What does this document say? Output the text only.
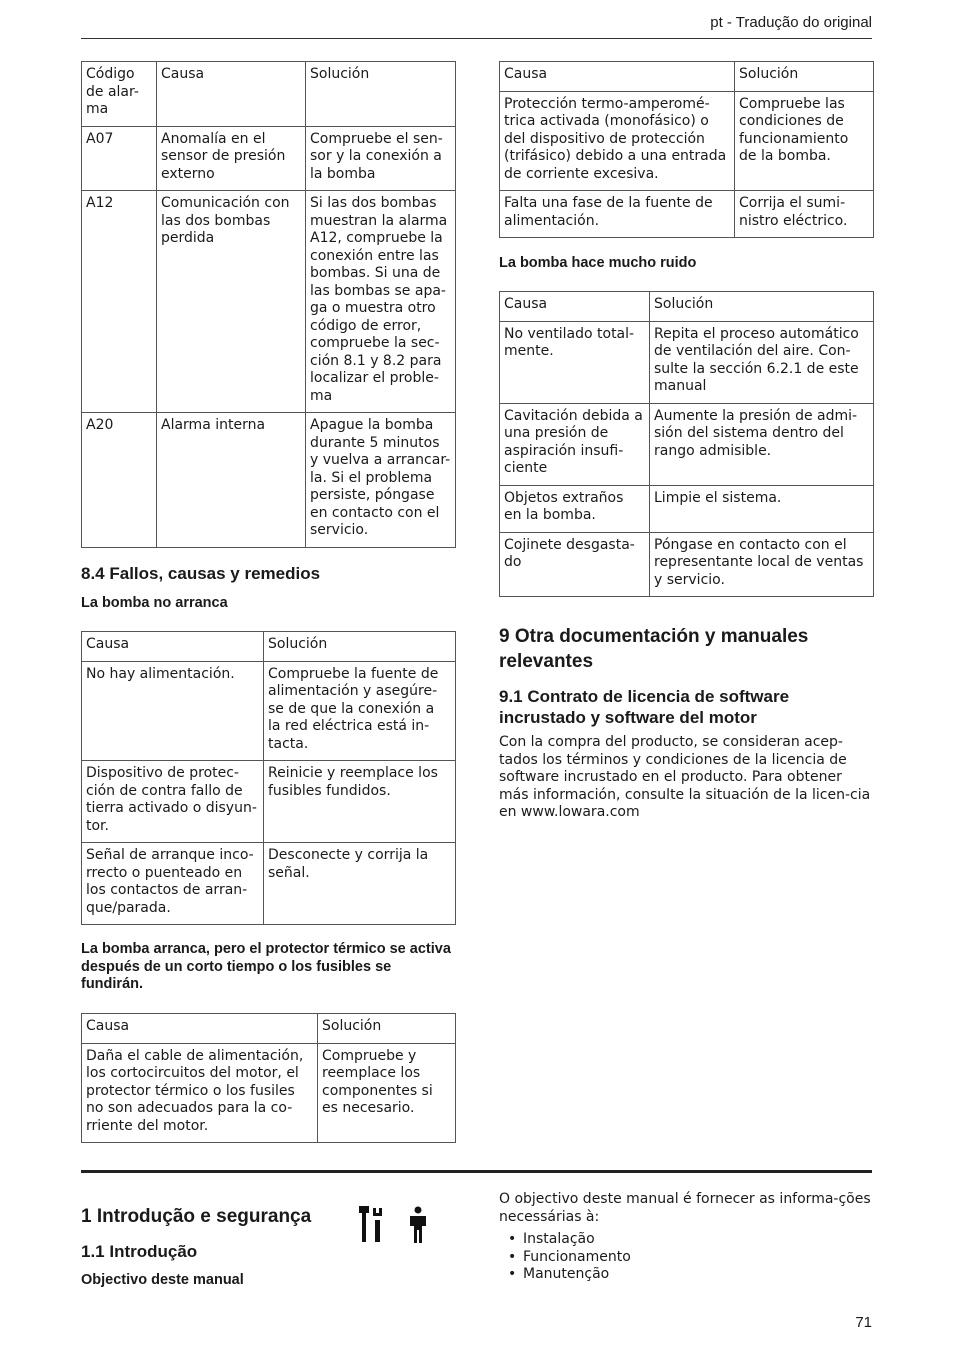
pt - Tradução do original
Código de alar-ma	Causa	Solución
A07	Anomalía en el sensor de presión externo	Compruebe el sen-sor y la conexión a la bomba
A12	Comunicación con las dos bombas perdida	Si las dos bombas muestran la alarma A12, compruebe la conexión entre las bombas. Si una de las bombas se apa-ga o muestra otro código de error, compruebe la sec-ción 8.1 y 8.2 para localizar el proble-ma
A20	Alarma interna	Apague la bomba durante 5 minutos y vuelva a arrancar-la. Si el problema persiste, póngase en contacto con el servicio.
8.4 Fallos, causas y remedios
La bomba no arranca
Causa	Solución
No hay alimentación.	Compruebe la fuente de alimentación y asegúre-se de que la conexión a la red eléctrica está in-tacta.
Dispositivo de protec-ción de contra fallo de tierra activado o disyun-tor.	Reinicie y reemplace los fusibles fundidos.
Señal de arranque inco-rrecto o puenteado en los contactos de arran-que/parada.	Desconecte y corrija la señal.
La bomba arranca, pero el protector térmico se activa después de un corto tiempo o los fusibles se fundirán.
Causa	Solución
Daña el cable de alimentación, los cortocircuitos del motor, el protector térmico o los fusiles no son adecuados para la co-rriente del motor.	Compruebe y reemplace los componentes si es necesario.
Causa	Solución
Protección termo-amperomé-trica activada (monofásico) o del dispositivo de protección (trifásico) debido a una entrada de corriente excesiva.	Compruebe las condiciones de funcionamiento de la bomba.
Falta una fase de la fuente de alimentación.	Corrija el sumi-nistro eléctrico.
La bomba hace mucho ruido
Causa	Solución
No ventilado total-mente.	Repita el proceso automático de ventilación del aire. Con-sulte la sección 6.2.1 de este manual
Cavitación debida a una presión de aspiración insufi-ciente	Aumente la presión de admi-sión del sistema dentro del rango admisible.
Objetos extraños en la bomba.	Limpie el sistema.
Cojinete desgasta-do	Póngase en contacto con el representante local de ventas y servicio.
9 Otra documentación y manuales relevantes
9.1 Contrato de licencia de software incrustado y software del motor
Con la compra del producto, se consideran acep-tados los términos y condiciones de la licencia de software incrustado en el producto. Para obtener más información, consulte la situación de la licen-cia en www.lowara.com
1 Introdução e segurança
1.1 Introdução
Objectivo deste manual
O objectivo deste manual é fornecer as informa-ções necessárias à:
• Instalação
• Funcionamento
• Manutenção
71
